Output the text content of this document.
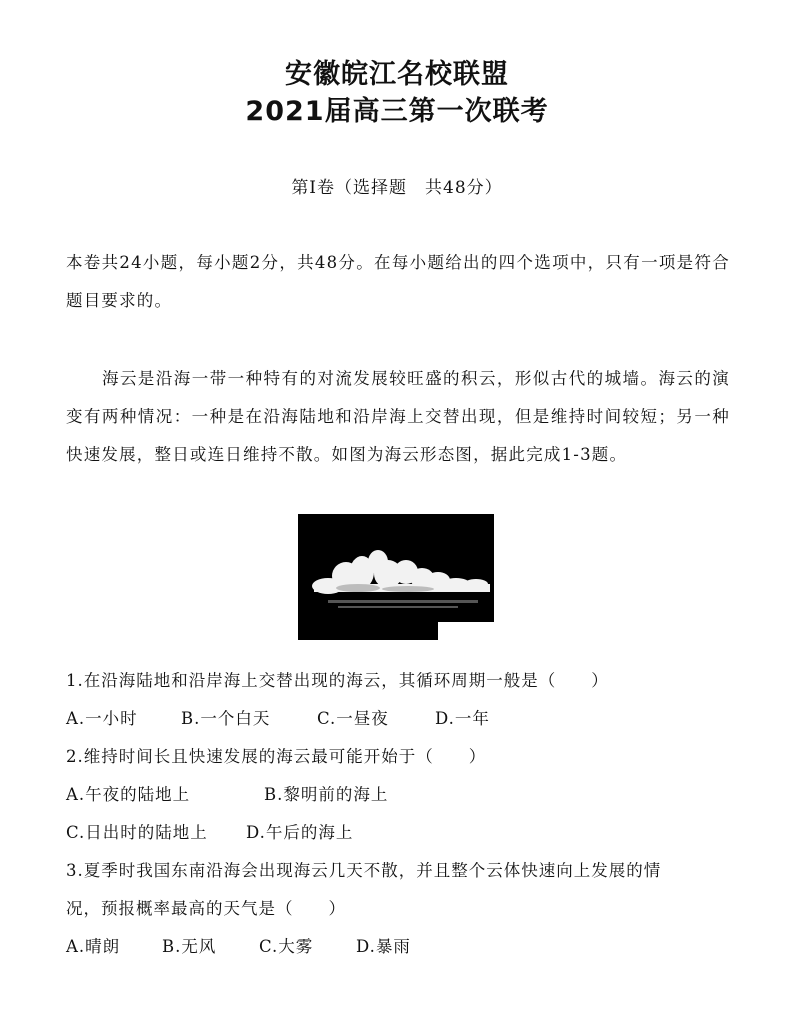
安徽皖江名校联盟
2021届高三第一次联考
第Ⅰ卷（选择题　共48分）
本卷共24小题，每小题2分，共48分。在每小题给出的四个选项中，只有一项是符合题目要求的。
海云是沿海一带一种特有的对流发展较旺盛的积云，形似古代的城墙。海云的演变有两种情况：一种是在沿海陆地和沿岸海上交替出现，但是维持时间较短；另一种快速发展，整日或连日维持不散。如图为海云形态图，据此完成1-3题。
1.在沿海陆地和沿岸海上交替出现的海云，其循环周期一般是（　　）
A.一小时	B.一个白天	C.一昼夜	D.一年
2.维持时间长且快速发展的海云最可能开始于（　　）
A.午夜的陆地上	B.黎明前的海上
C.日出时的陆地上 D.午后的海上
3.夏季时我国东南沿海会出现海云几天不散，并且整个云体快速向上发展的情
况，预报概率最高的天气是（　　）
A.晴朗	B.无风	C.大雾	D.暴雨
